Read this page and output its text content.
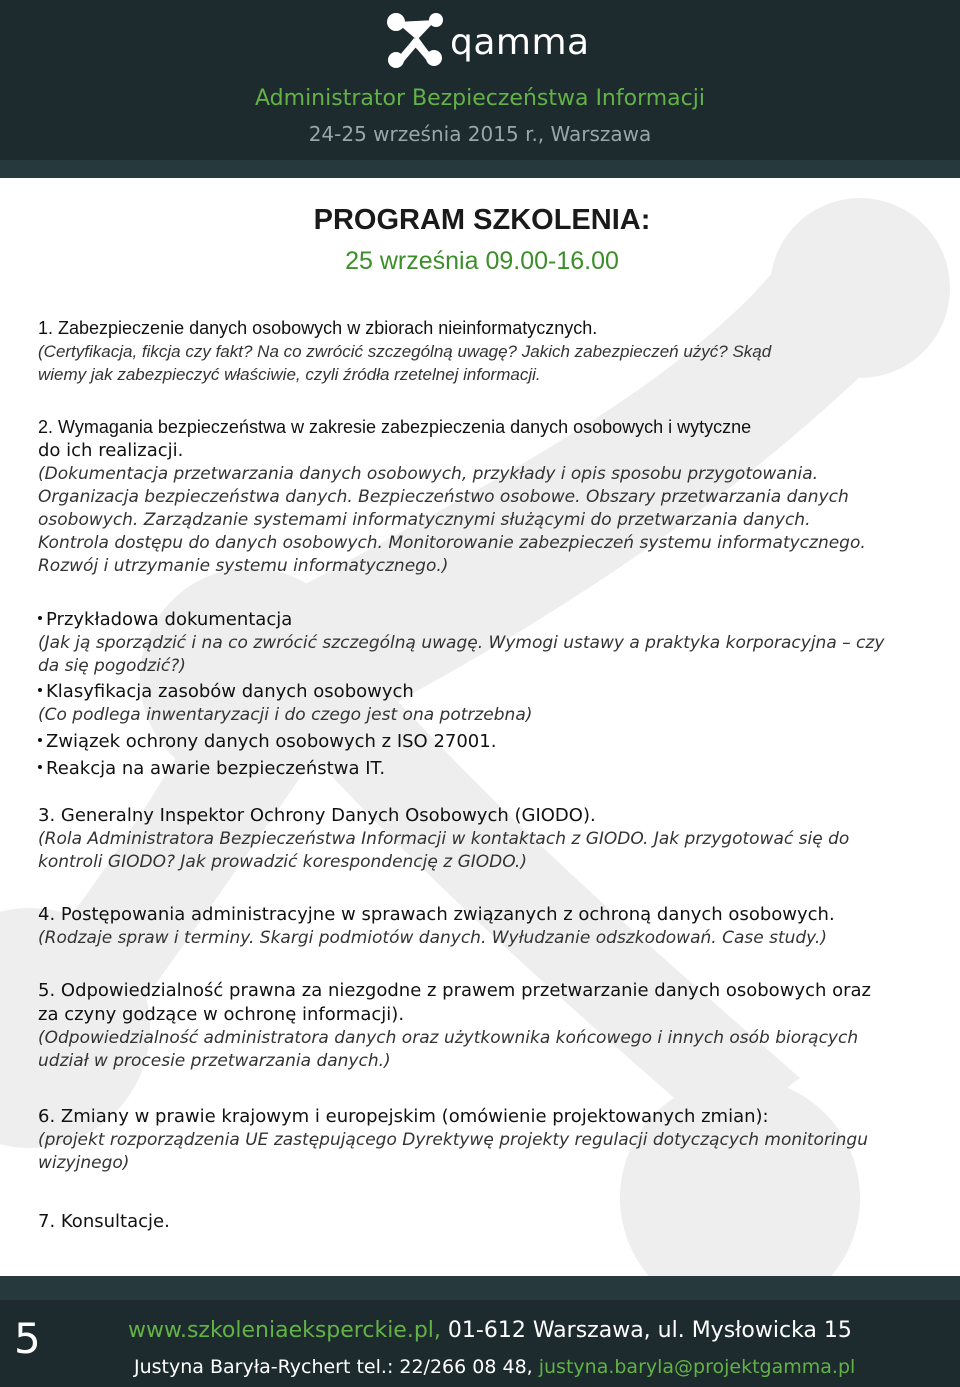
qamma
Administrator Bezpieczeństwa Informacji
24-25 września 2015 r., Warszawa
PROGRAM SZKOLENIA:
25 września 09.00-16.00
1. Zabezpieczenie danych osobowych w zbiorach nieinformatycznych.
(Certyfikacja, fikcja czy fakt? Na co zwrócić szczególną uwagę? Jakich zabezpieczeń użyć? Skąd
wiemy jak zabezpieczyć właściwie, czyli źródła rzetelnej informacji.
2. Wymagania bezpieczeństwa w zakresie zabezpieczenia danych osobowych i wytyczne
do ich realizacji.
(Dokumentacja przetwarzania danych osobowych, przykłady i opis sposobu przygotowania.
Organizacja bezpieczeństwa danych. Bezpieczeństwo osobowe. Obszary przetwarzania danych
osobowych. Zarządzanie systemami informatycznymi służącymi do przetwarzania danych.
Kontrola dostępu do danych osobowych. Monitorowanie zabezpieczeń systemu informatycznego.
Rozwój i utrzymanie systemu informatycznego.)
Przykładowa dokumentacja
(Jak ją sporządzić i na co zwrócić szczególną uwagę. Wymogi ustawy a praktyka korporacyjna – czy
da się pogodzić?)
Klasyfikacja zasobów danych osobowych
(Co podlega inwentaryzacji i do czego jest ona potrzebna)
Związek ochrony danych osobowych z ISO 27001.
Reakcja na awarie bezpieczeństwa IT.
3. Generalny Inspektor Ochrony Danych Osobowych (GIODO).
(Rola Administratora Bezpieczeństwa Informacji w kontaktach z GIODO. Jak przygotować się do
kontroli GIODO? Jak prowadzić korespondencję z GIODO.)
4. Postępowania administracyjne w sprawach związanych z ochroną danych osobowych.
(Rodzaje spraw i terminy. Skargi podmiotów danych. Wyłudzanie odszkodowań. Case study.)
5. Odpowiedzialność prawna za niezgodne z prawem przetwarzanie danych osobowych oraz
za czyny godzące w ochronę informacji).
(Odpowiedzialność administratora danych oraz użytkownika końcowego i innych osób biorących
udział w procesie przetwarzania danych.)
6. Zmiany w prawie krajowym i europejskim (omówienie projektowanych zmian):
(projekt rozporządzenia UE zastępującego Dyrektywę projekty regulacji dotyczących monitoringu
wizyjnego)
7. Konsultacje.
5	www.szkoleniaeksperckie.pl, 01-612 Warszawa, ul. Mysłowicka 15
Justyna Baryła-Rychert tel.: 22/266 08 48, justyna.baryla@projektgamma.pl
